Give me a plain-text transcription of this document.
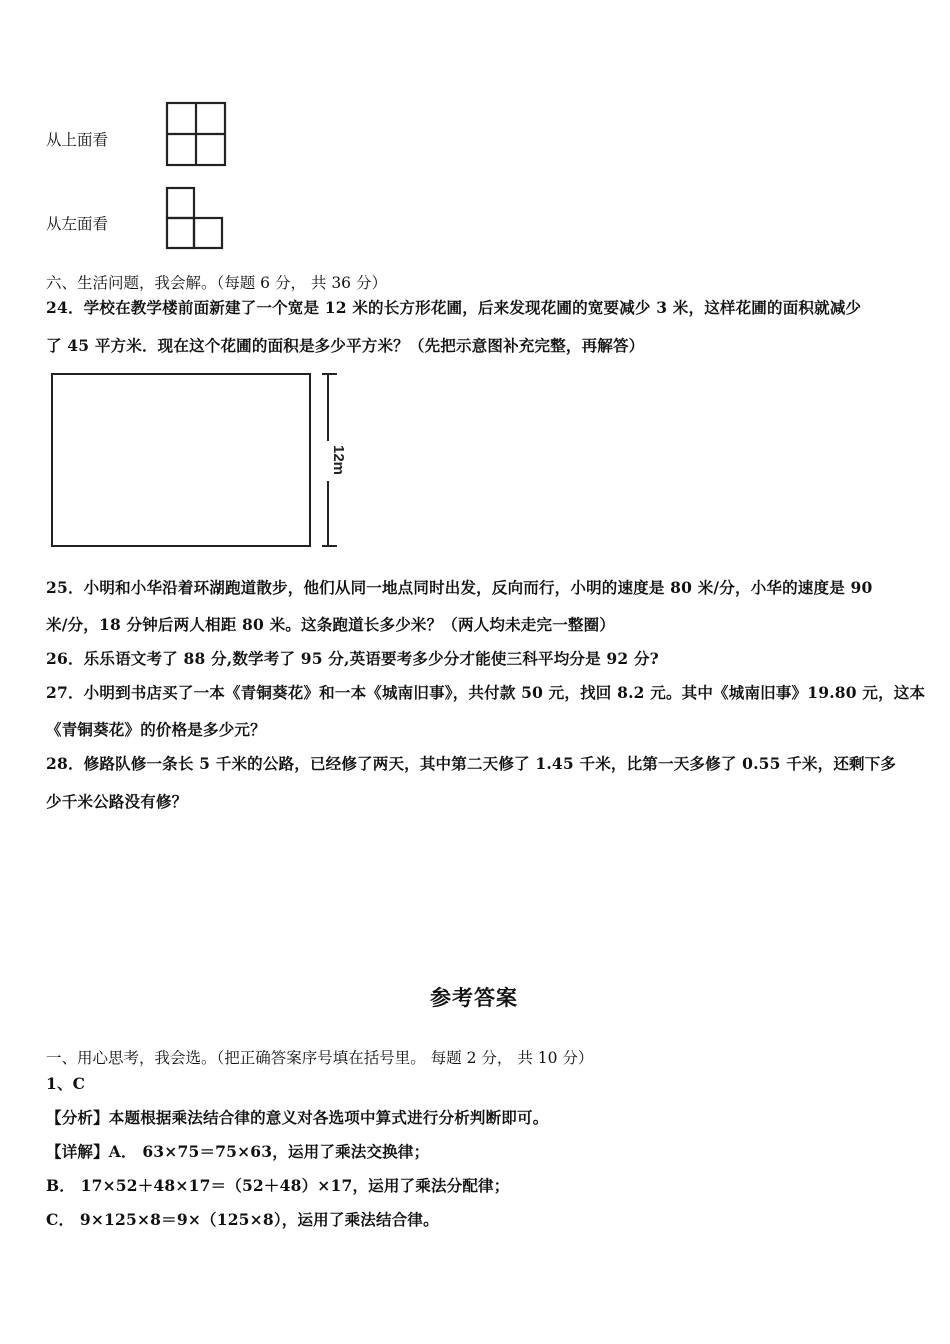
从上面看
从左面看
六、生活问题，我会解。（每题 6 分， 共 36 分）
24．学校在教学楼前面新建了一个宽是 12 米的长方形花圃，后来发现花圃的宽要减少 3 米，这样花圃的面积就减少
了 45 平方米．现在这个花圃的面积是多少平方米？（先把示意图补充完整，再解答）
12m
25．小明和小华沿着环湖跑道散步，他们从同一地点同时出发，反向而行，小明的速度是 80 米/分，小华的速度是 90
米/分，18 分钟后两人相距 80 米。这条跑道长多少米？（两人均未走完一整圈）
26．乐乐语文考了 88 分,数学考了 95 分,英语要考多少分才能使三科平均分是 92 分?
27．小明到书店买了一本《青铜葵花》和一本《城南旧事》，共付款 50 元，找回 8.2 元。其中《城南旧事》19.80 元，这本
《青铜葵花》的价格是多少元？
28．修路队修一条长 5 千米的公路，已经修了两天，其中第二天修了 1.45 千米，比第一天多修了 0.55 千米，还剩下多
少千米公路没有修？
参考答案
一、用心思考，我会选。（把正确答案序号填在括号里。 每题 2 分， 共 10 分）
1、C
【分析】本题根据乘法结合律的意义对各选项中算式进行分析判断即可。
【详解】A． 63×75＝75×63，运用了乘法交换律；
B． 17×52＋48×17＝（52＋48）×17，运用了乘法分配律；
C． 9×125×8＝9×（125×8），运用了乘法结合律。
